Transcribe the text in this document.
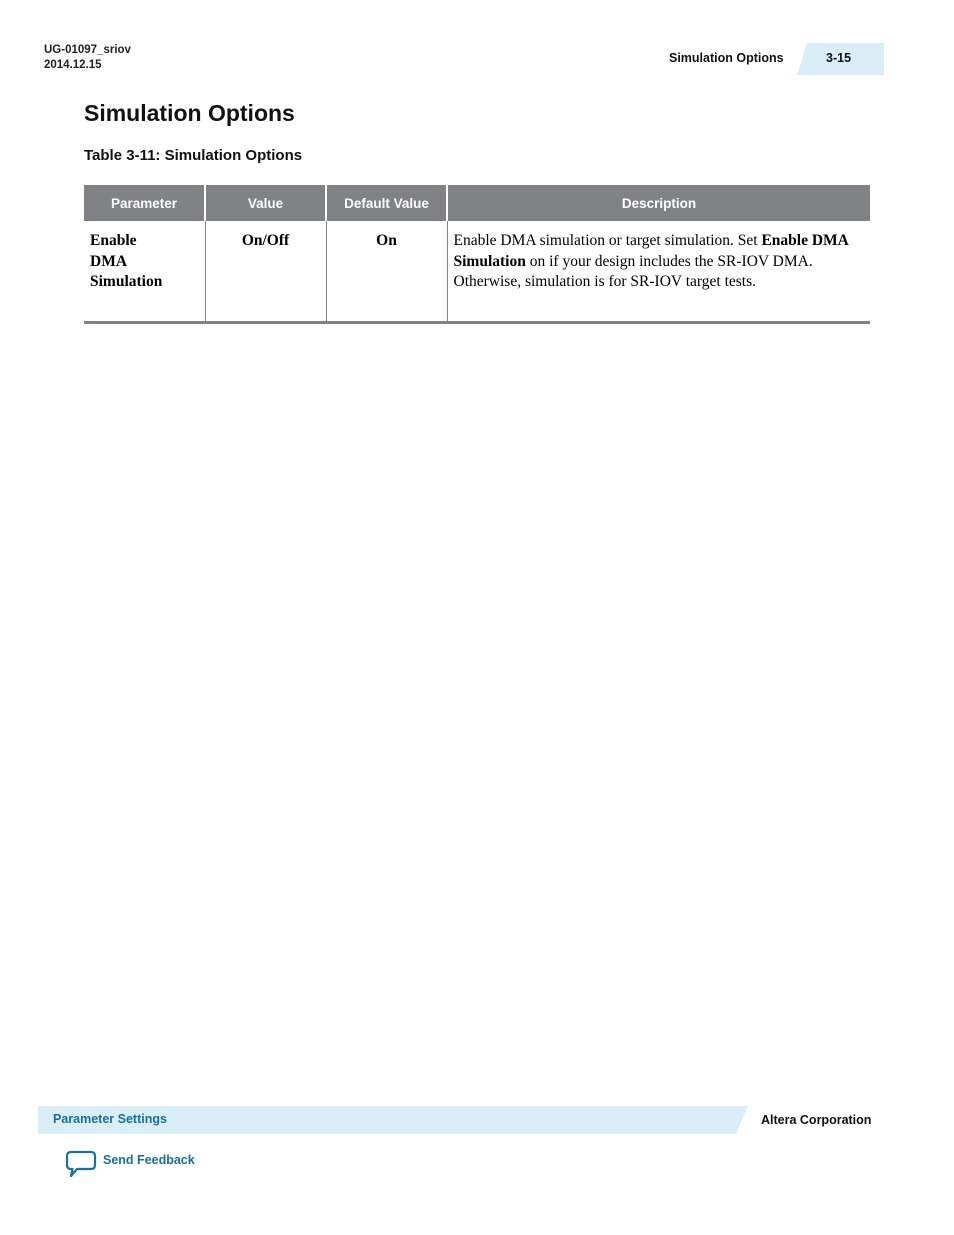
UG-01097_sriov
2014.12.15	Simulation Options	3-15
Simulation Options
Table 3-11: Simulation Options
Parameter	Value	Default Value	Description

Enable
DMA
Simulation	On/Off	On	Enable DMA simulation or target simulation. Set Enable DMA Simulation on if your design includes the SR-IOV DMA. Otherwise, simulation is for SR-IOV target tests.
Parameter Settings	Altera Corporation
Send Feedback
